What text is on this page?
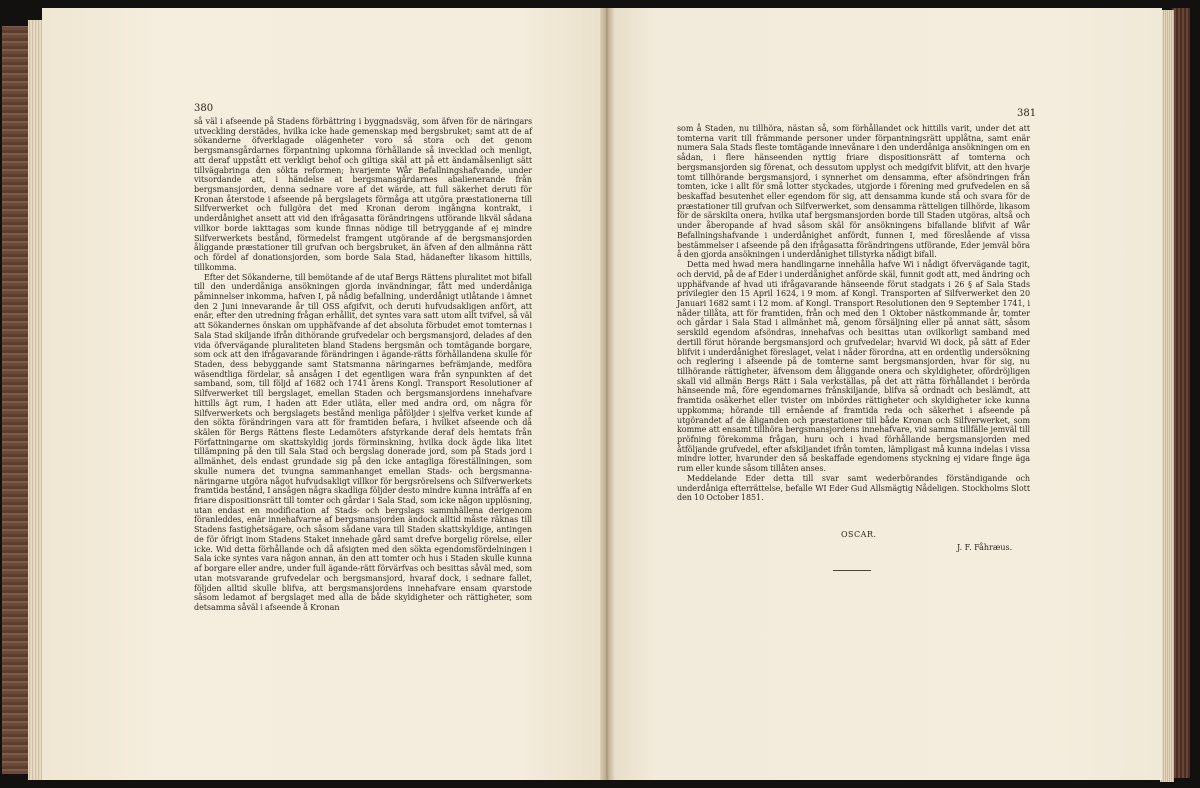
380	381

så väl i afseende på Stadens förbättring i byggnadsväg, som äfven för de näringars utveckling derstädes, hvilka icke hade gemenskap med bergsbruket; samt att de af sökanderne öfverklagade olägenheter voro så stora och det genom bergsmansgårdarnes förpantning upkomna förhållande så invecklad och menligt, att deraf uppstått ett verkligt behof och giltiga skäl att på ett ändamålsenligt sätt tillvägabringa den sökta reformen; hvarjemte Wår Befallningshafvande, under vitsordande att, i händelse at bergsmansgårdarnes abalienerande från bergsmansjorden, denna sednare vore af det wärde, att full säkerhet deruti för Kronan återstode i afseende på bergslagets förmåga att utgöra præstationerna till Silfverwerket och fullgöra det med Kronan derom ingångna kontrakt, i underdånighet ansett att vid den ifrågasatta förändringens utförande likväl sådana villkor borde iakttagas som kunde finnas nödige till betryggande af ej mindre Silfverwerkets bestånd, förmedelst framgent utgörande af de bergsmansjorden åliggande præstationer till grufvan och bergsbruket, än äfven af den allmänna rätt och fördel af donationsjorden, som borde Sala Stad, hädanefter likasom hittills, tillkomma.

Efter det Sökanderne, till bemötande af de utaf Bergs Rättens pluralitet mot bifall till den underdåniga ansökningen gjorda invändningar, fått med underdåniga påminnelser inkomma, hafven I, på nådig befallning, underdånigt utlåtande i ämnet den 2 Juni innevarande år till OSS afgifvit, och deruti hufvudsakligen anfört, att enär, efter den utredning frågan erhållit, det syntes vara satt utom allt tvifvel, så väl att Sökandernes önskan om upphäfvande af det absoluta förbudet emot tomternas i Sala Stad skiljande ifrån dithörande grufvedelar och bergsmansjord, delades af den vida öfvervägande pluraliteten bland Stadens bergsmän och tomtägande borgare, som ock att den ifrågavarande förändringen i ägande-rätts förhållandena skulle för Staden, dess bebyggande samt Statsmanna näringarnes befrämjande, medföra wäsendtliga fördelar, så ansågen I det egentligen wara från synpunkten af det samband, som, till följd af 1682 och 1741 årens Kongl. Transport Resolutioner af Silfverwerket till bergslaget, emellan Staden och bergsmansjordens innehafvare hittills ägt rum, I haden att Eder utläta, eller med andra ord, om några för Silfverwerkets och bergslagets bestånd menliga påföljder i sjelfva verket kunde af den sökta förändringen vara att för framtiden befara, i hvilket afseende och då skälen för Bergs Rättens fleste Ledamöters afstyrkande deraf dels hemtats från Författningarne om skattskyldig jords förminskning, hvilka dock ägde lika litet tillämpning på den till Sala Stad och bergslag donerade jord, som på Stads jord i allmänhet, dels endast grundade sig på den icke antagliga föreställningen, som skulle numera det tvungna sammanhanget emellan Stads- och bergsmanna- näringarne utgöra något hufvudsakligt villkor för bergsrörelsens och Silfverwerkets framtida bestånd, I ansågen några skadliga följder desto mindre kunna inträffa af en friare dispositionsrätt till tomter och gårdar i Sala Stad, som icke någon upplösning, utan endast en modification af Stads- och bergslags sammhällena derigenom föranleddes, enär innehafvarne af bergsmansjorden ändock alltid måste räknas till Stadens fastighetsägare, och såsom sådane vara till Staden skattskyldige, antingen de för öfrigt inom Stadens Staket innehade gård samt drefve borgelig rörelse, eller icke. Wid detta förhållande och då afsigten med den sökta egendomsfördelningen i Sala icke syntes vara någon annan, än den att tomter och hus i Staden skulle kunna af borgare eller andre, under full ägande-rätt förvärfvas och besittas såväl med, som utan motsvarande grufvedelar och bergsmansjord, hvaraf dock, i sednare fallet, följden alltid skulle blifva, att bergsmansjordens innehafvare ensam qvarstode såsom ledamot af bergslaget med alla de både skyldigheter och rättigheter, som detsamma såväl i afseende å Kronan

som å Staden, nu tillhöra, nästan så, som förhållandet ock hittills varit, under det att tomterna varit till främmande personer under förpantningsrätt upplåtna, samt enär numera Sala Stads fleste tomtägande innevånare i den underdåniga ansökningen om en sådan, i flere hänseenden nyttig friare dispositionsrätt af tomterna och bergsmansjorden sig förenat, och dessutom upplyst och medgifvit blifvit, att den hvarje tomt tillhörande bergsmansjord, i synnerhet om densamma, efter afsöndringen från tomten, icke i allt för små lotter styckades, utgjorde i förening med grufvedelen en så beskaffad besutenhet eller egendom för sig, att densamma kunde stå och svara för de præstationer till grufvan och Silfverwerket, som densamma rätteligen tillhörde, likasom för de särskilta onera, hvilka utaf bergsmansjorden borde till Staden utgöras, altså och under åberopande af hvad såsom skäl för ansökningens bifallande blifvit af Wår Befallningshafvande i underdånighet anfördt, funnen I, med föreslående af vissa bestämmelser i afseende på den ifrågasatta förändringens utförande, Eder jemväl böra å den gjorda ansökningen i underdånighet tillstyrka nådigt bifall.

Detta med hwad mera handlingarne innehålla hafve Wi i nådigt öfvervägande tagit, och dervid, på de af Eder i underdånighet anförde skäl, funnit godt att, med ändring och upphäfvande af hvad uti ifrågavarande hänseende förut stadgats i 26 § af Sala Stads privilegier den 15 April 1624, i 9 mom. af Kongl. Transporten af Silfverwerket den 20 Januari 1682 samt i 12 mom. af Kongl. Transport Resolutionen den 9 September 1741, i nåder tillåta, att för framtiden, från och med den 1 Oktober nästkommande år, tomter och gårdar i Sala Stad i allmänhet må, genom försäljning eller på annat sätt, såsom serskild egendom afsöndras, innehafvas och besittas utan ovilkorligt samband med dertill förut hörande bergsmansjord och grufvedelar; hvarvid Wi dock, på sätt af Eder blifvit i underdånighet föreslaget, velat i nåder förordna, att en ordentlig undersökning och reglering i afseende på de tomterne samt bergsmansjorden, hvar för sig, nu tillhörande rättigheter, äfvensom dem åliggande onera och skyldigheter, ofördröjligen skall vid allmän Bergs Rätt i Sala verkställas, på det att rätta förhållandet i berörda hänseende må, före egendomarnes frånskiljande, blifva så ordnadt och beslämdt, att framtida osäkerhet eller tvister om inbördes rättigheter och skyldigheter icke kunna uppkomma; hörande till ernående af framtida reda och säkerhet i afseende på utgörandet af de åliganden och præstationer till både Kronan och Silfverwerket, som komme att ensamt tillhöra bergsmansjordens innehafvare, vid samma tillfälle jemväl till pröfning förekomma frågan, huru och i hvad förhållande bergsmansjorden med åtföljande grufvedel, efter afskiljandet ifrån tomten, lämpligast må kunna indelas i vissa mindre lotter, hvarunder den så beskaffade egendomens styckning ej vidare finge äga rum eller kunde såsom tillåten anses.

Meddelande Eder detta till svar samt wederbörandes förständigande och underdåniga efterrättelse, befalle WI Eder Gud Allsmägtig Nådeligen. Stockholms Slott den 10 October 1851.

OSCAR.
J. F. Fåhræus.
